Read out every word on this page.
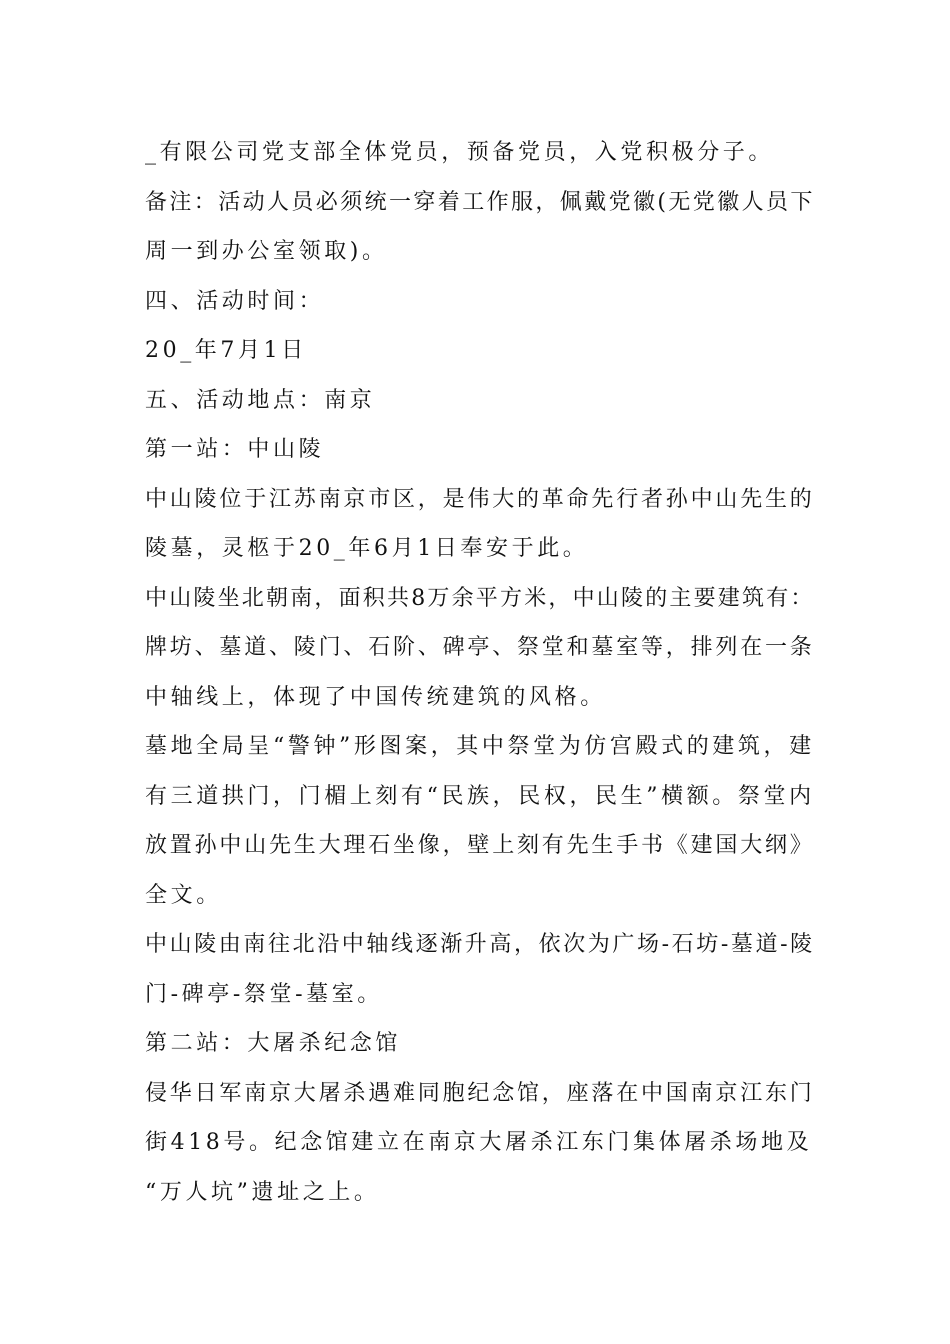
_有限公司党支部全体党员，预备党员，入党积极分子。
备注：活动人员必须统一穿着工作服，佩戴党徽(无党徽人员下
周一到办公室领取)。
四、活动时间：
20_年7月1日
五、活动地点：南京
第一站：中山陵
中山陵位于江苏南京市区，是伟大的革命先行者孙中山先生的
陵墓，灵柩于20_年6月1日奉安于此。
中山陵坐北朝南，面积共8万余平方米，中山陵的主要建筑有：
牌坊、墓道、陵门、石阶、碑亭、祭堂和墓室等，排列在一条
中轴线上，体现了中国传统建筑的风格。
墓地全局呈“警钟”形图案，其中祭堂为仿宫殿式的建筑，建
有三道拱门，门楣上刻有“民族，民权，民生”横额。祭堂内
放置孙中山先生大理石坐像，壁上刻有先生手书《建国大纲》
全文。
中山陵由南往北沿中轴线逐渐升高，依次为广场-石坊-墓道-陵
门-碑亭-祭堂-墓室。
第二站：大屠杀纪念馆
侵华日军南京大屠杀遇难同胞纪念馆，座落在中国南京江东门
街418号。纪念馆建立在南京大屠杀江东门集体屠杀场地及
“万人坑”遗址之上。
